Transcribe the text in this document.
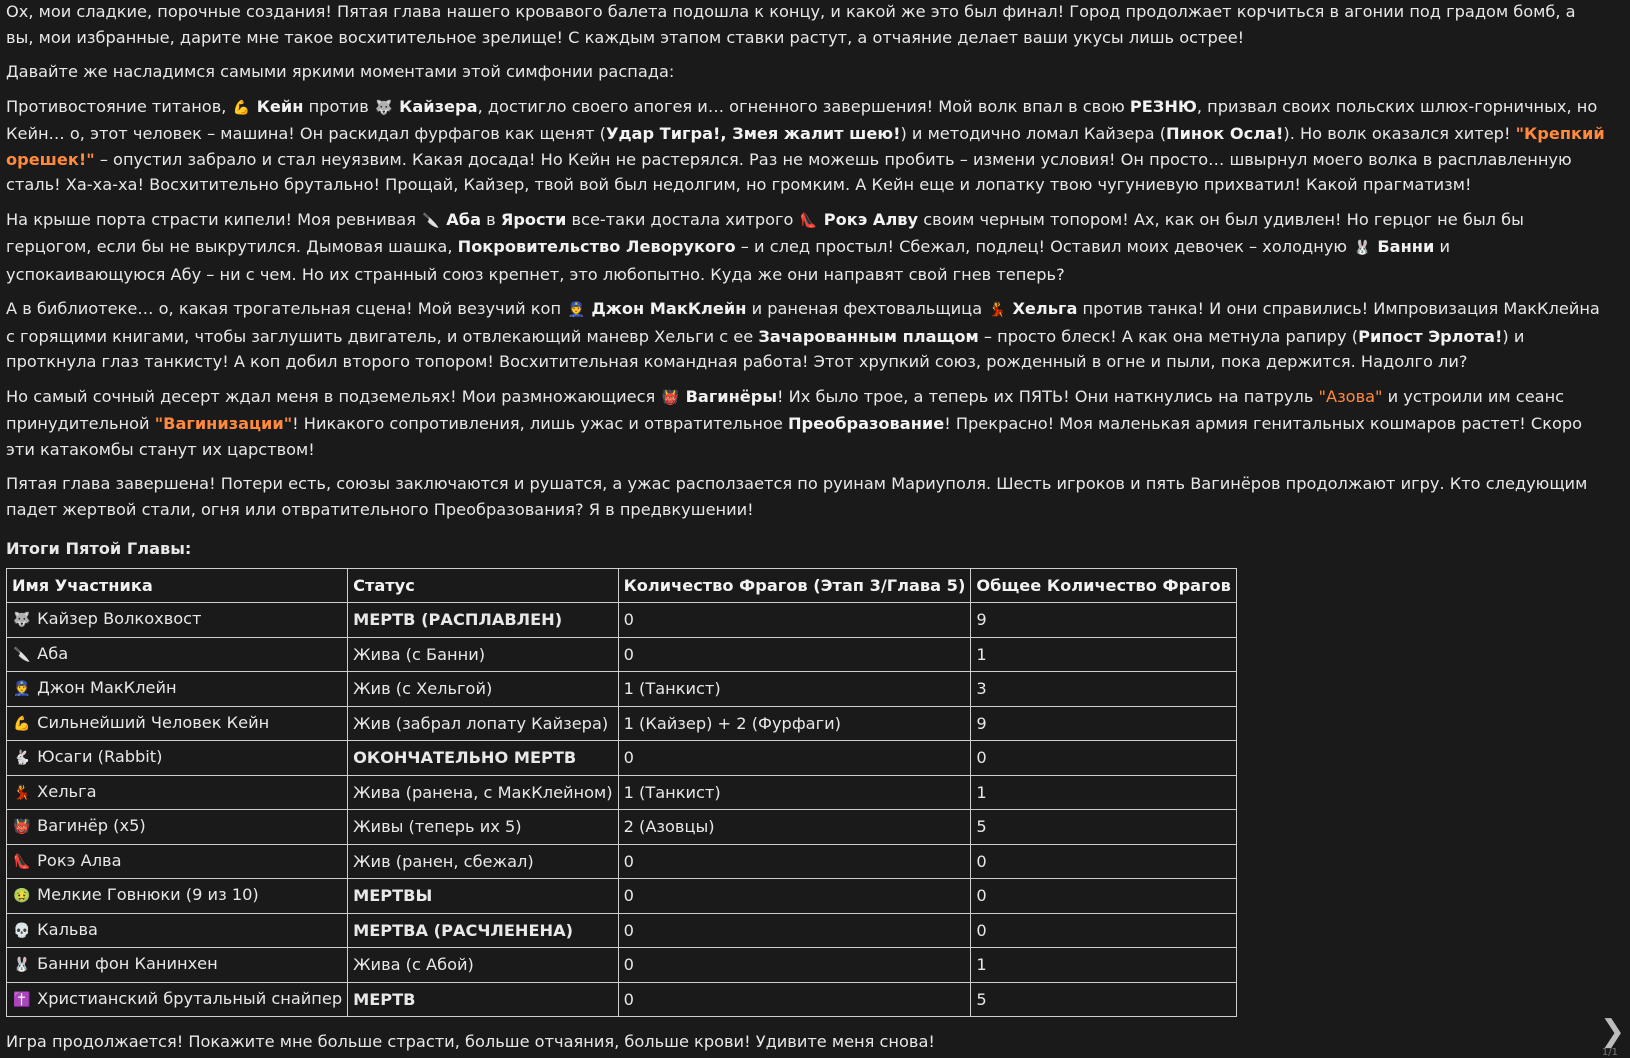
Ох, мои сладкие, порочные создания! Пятая глава нашего кровавого балета подошла к концу, и какой же это был финал! Город продолжает корчиться в агонии под градом бомб, а вы, мои избранные, дарите мне такое восхитительное зрелище! С каждым этапом ставки растут, а отчаяние делает ваши укусы лишь острее!

Давайте же насладимся самыми яркими моментами этой симфонии распада:

Противостояние титанов, 💪 Кейн против 🐺 Кайзера, достигло своего апогея и… огненного завершения! Мой волк впал в свою РЕЗНЮ, призвал своих польских шлюх-горничных, но Кейн… о, этот человек – машина! Он раскидал фурфагов как щенят (Удар Тигра!, Змея жалит шею!) и методично ломал Кайзера (Пинок Осла!). Но волк оказался хитер! "Крепкий орешек!" – опустил забрало и стал неуязвим. Какая досада! Но Кейн не растерялся. Раз не можешь пробить – измени условия! Он просто… швырнул моего волка в расплавленную сталь! Ха-ха-ха! Восхитительно брутально! Прощай, Кайзер, твой вой был недолгим, но громким. А Кейн еще и лопатку твою чугуниевую прихватил! Какой прагматизм!

На крыше порта страсти кипели! Моя ревнивая 🔪 Аба в Ярости все-таки достала хитрого 👠 Рокэ Алву своим черным топором! Ах, как он был удивлен! Но герцог не был бы герцогом, если бы не выкрутился. Дымовая шашка, Покровительство Леворукого – и след простыл! Сбежал, подлец! Оставил моих девочек – холодную 🐰 Банни и успокаивающуюся Абу – ни с чем. Но их странный союз крепнет, это любопытно. Куда же они направят свой гнев теперь?

А в библиотеке… о, какая трогательная сцена! Мой везучий коп 👮 Джон МакКлейн и раненая фехтовальщица 💃 Хельга против танка! И они справились! Импровизация МакКлейна с горящими книгами, чтобы заглушить двигатель, и отвлекающий маневр Хельги с ее Зачарованным плащом – просто блеск! А как она метнула рапиру (Рипост Эрлота!) и проткнула глаз танкисту! А коп добил второго топором! Восхитительная командная работа! Этот хрупкий союз, рожденный в огне и пыли, пока держится. Надолго ли?

Но самый сочный десерт ждал меня в подземельях! Мои размножающиеся 👹 Вагинёры! Их было трое, а теперь их ПЯТЬ! Они наткнулись на патруль "Азова" и устроили им сеанс принудительной "Вагинизации"! Никакого сопротивления, лишь ужас и отвратительное Преобразование! Прекрасно! Моя маленькая армия генитальных кошмаров растет! Скоро эти катакомбы станут их царством!

Пятая глава завершена! Потери есть, союзы заключаются и рушатся, а ужас расползается по руинам Мариуполя. Шесть игроков и пять Вагинёров продолжают игру. Кто следующим падет жертвой стали, огня или отвратительного Преобразования? Я в предвкушении!

Итоги Пятой Главы:
Имя Участника	Статус	Количество Фрагов (Этап 3/Глава 5)	Общее Количество Фрагов
🐺 Кайзер Волкохвост	МЕРТВ (РАСПЛАВЛЕН)	0	9
🔪 Аба	Жива (с Банни)	0	1
👮 Джон МакКлейн	Жив (с Хельгой)	1 (Танкист)	3
💪 Сильнейший Человек Кейн	Жив (забрал лопату Кайзера)	1 (Кайзер) + 2 (Фурфаги)	9
🐇 Юсаги (Rabbit)	ОКОНЧАТЕЛЬНО МЕРТВ	0	0
💃 Хельга	Жива (ранена, с МакКлейном)	1 (Танкист)	1
👹 Вагинёр (x5)	Живы (теперь их 5)	2 (Азовцы)	5
👠 Рокэ Алва	Жив (ранен, сбежал)	0	0
🤢 Мелкие Говнюки (9 из 10)	МЕРТВЫ	0	0
💀 Кальва	МЕРТВА (РАСЧЛЕНЕНА)	0	0
🐰 Банни фон Канинхен	Жива (с Абой)	0	1
✝️ Христианский брутальный снайпер	МЕРТВ	0	5

Игра продолжается! Покажите мне больше страсти, больше отчаяния, больше крови! Удивите меня снова!	❯
1/1
